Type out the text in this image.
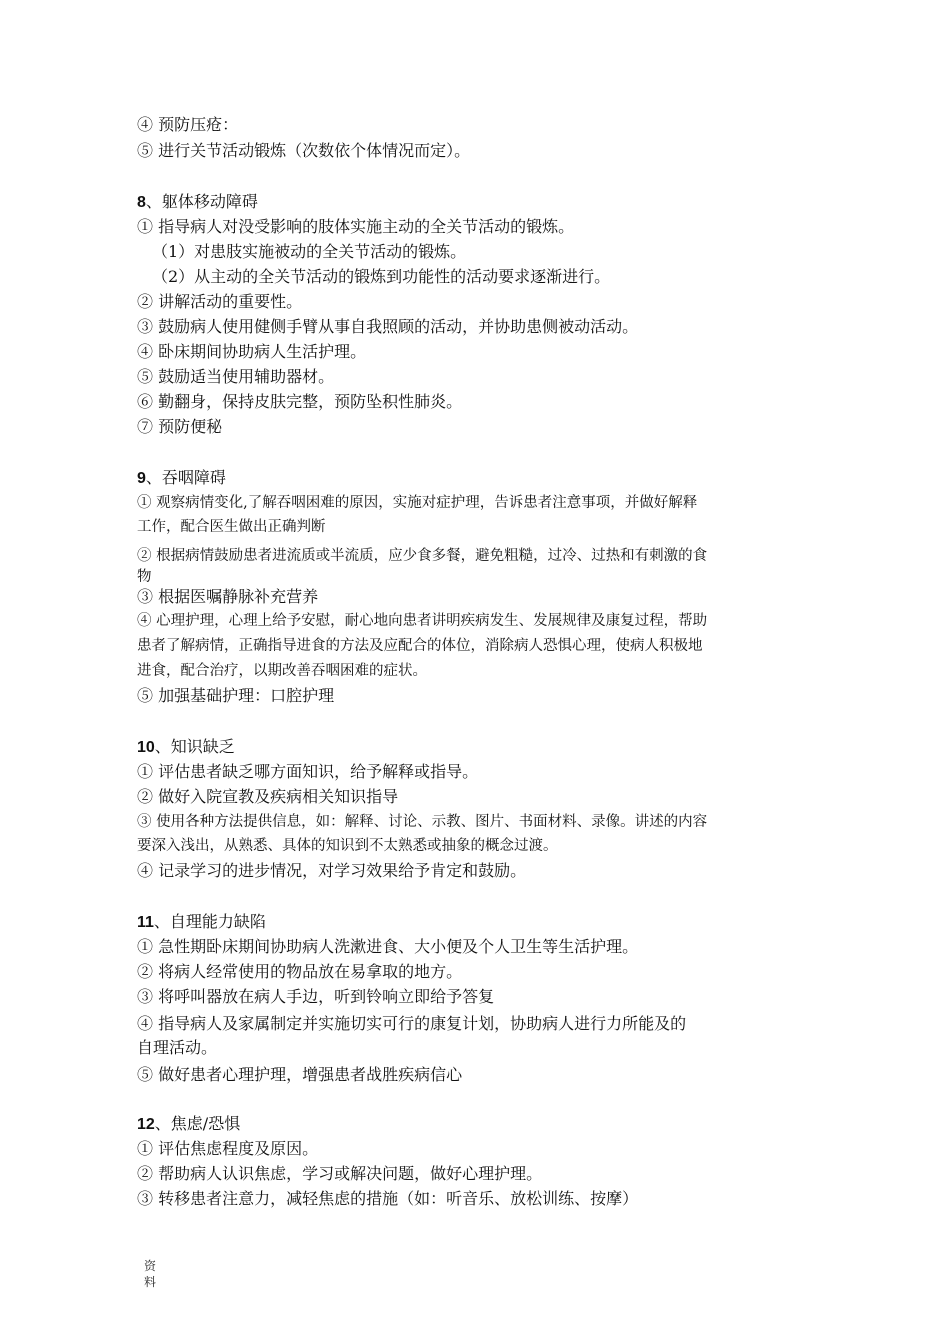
④ 预防压疮：
⑤ 进行关节活动锻炼（次数依个体情况而定）。
8、躯体移动障碍
① 指导病人对没受影响的肢体实施主动的全关节活动的锻炼。
（1）对患肢实施被动的全关节活动的锻炼。
（2）从主动的全关节活动的锻炼到功能性的活动要求逐渐进行。
② 讲解活动的重要性。
③ 鼓励病人使用健侧手臂从事自我照顾的活动，并协助患侧被动活动。
④ 卧床期间协助病人生活护理。
⑤ 鼓励适当使用辅助器材。
⑥ 勤翻身，保持皮肤完整，预防坠积性肺炎。
⑦ 预防便秘
9、吞咽障碍
① 观察病情变化,了解吞咽困难的原因，实施对症护理，告诉患者注意事项，并做好解释
工作，配合医生做出正确判断
② 根据病情鼓励患者进流质或半流质，应少食多餐，避免粗糙，过冷、过热和有刺激的食
物
③ 根据医嘱静脉补充营养
④ 心理护理，心理上给予安慰，耐心地向患者讲明疾病发生、发展规律及康复过程，帮助
患者了解病情，正确指导进食的方法及应配合的体位，消除病人恐惧心理，使病人积极地
进食，配合治疗，以期改善吞咽困难的症状。
⑤ 加强基础护理：口腔护理
10、知识缺乏
① 评估患者缺乏哪方面知识，给予解释或指导。
② 做好入院宣教及疾病相关知识指导
③ 使用各种方法提供信息，如：解释、讨论、示教、图片、书面材料、录像。讲述的内容
要深入浅出，从熟悉、具体的知识到不太熟悉或抽象的概念过渡。
④ 记录学习的进步情况，对学习效果给予肯定和鼓励。
11、自理能力缺陷
① 急性期卧床期间协助病人洗漱进食、大小便及个人卫生等生活护理。
② 将病人经常使用的物品放在易拿取的地方。
③ 将呼叫器放在病人手边，听到铃响立即给予答复
④ 指导病人及家属制定并实施切实可行的康复计划，协助病人进行力所能及的
自理活动。
⑤ 做好患者心理护理，增强患者战胜疾病信心
12、焦虑/恐惧
① 评估焦虑程度及原因。
② 帮助病人认识焦虑，学习或解决问题，做好心理护理。
③ 转移患者注意力，减轻焦虑的措施（如：听音乐、放松训练、按摩）
资料
